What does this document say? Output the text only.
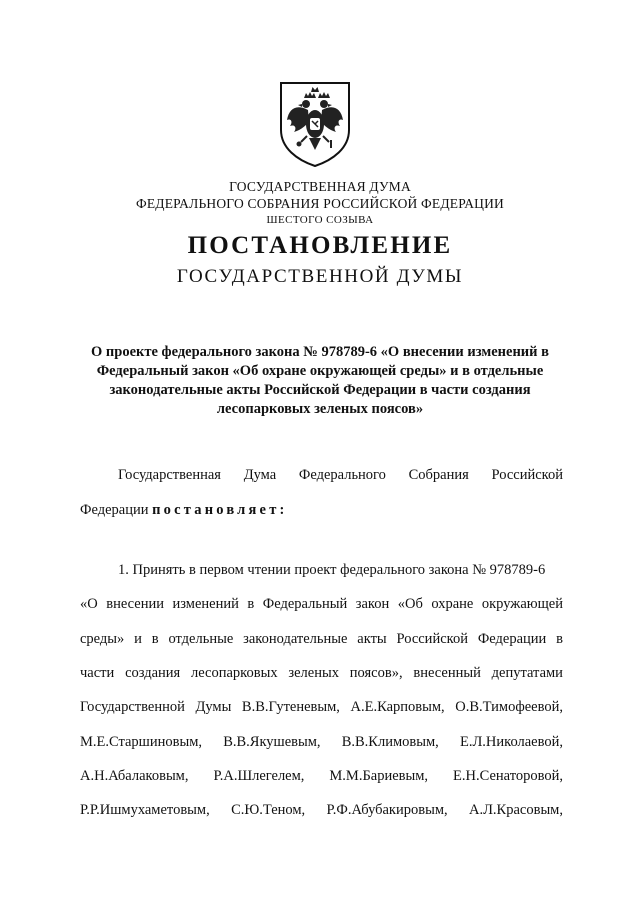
ГОСУДАРСТВЕННАЯ ДУМА
ФЕДЕРАЛЬНОГО СОБРАНИЯ РОССИЙСКОЙ ФЕДЕРАЦИИ
ШЕСТОГО СОЗЫВА
ПОСТАНОВЛЕНИЕ
ГОСУДАРСТВЕННОЙ ДУМЫ
О проекте федерального закона № 978789-6 «О внесении изменений в
Федеральный закон «Об охране окружающей среды» и в отдельные
законодательные акты Российской Федерации в части создания
лесопарковых зеленых поясов»
Государственная Дума Федерального Собрания Российской
Федерации постановляет:
1. Принять в первом чтении проект федерального закона № 978789-6
«О внесении изменений в Федеральный закон «Об охране окружающей
среды» и в отдельные законодательные акты Российской Федерации в
части создания лесопарковых зеленых поясов», внесенный депутатами
Государственной Думы В.В.Гутеневым, А.Е.Карповым, О.В.Тимофеевой,
М.Е.Старшиновым, В.В.Якушевым, В.В.Климовым, Е.Л.Николаевой,
А.Н.Абалаковым, Р.А.Шлегелем, М.М.Бариевым, Е.Н.Сенаторовой,
Р.Р.Ишмухаметовым, С.Ю.Теном, Р.Ф.Абубакировым, А.Л.Красовым,
